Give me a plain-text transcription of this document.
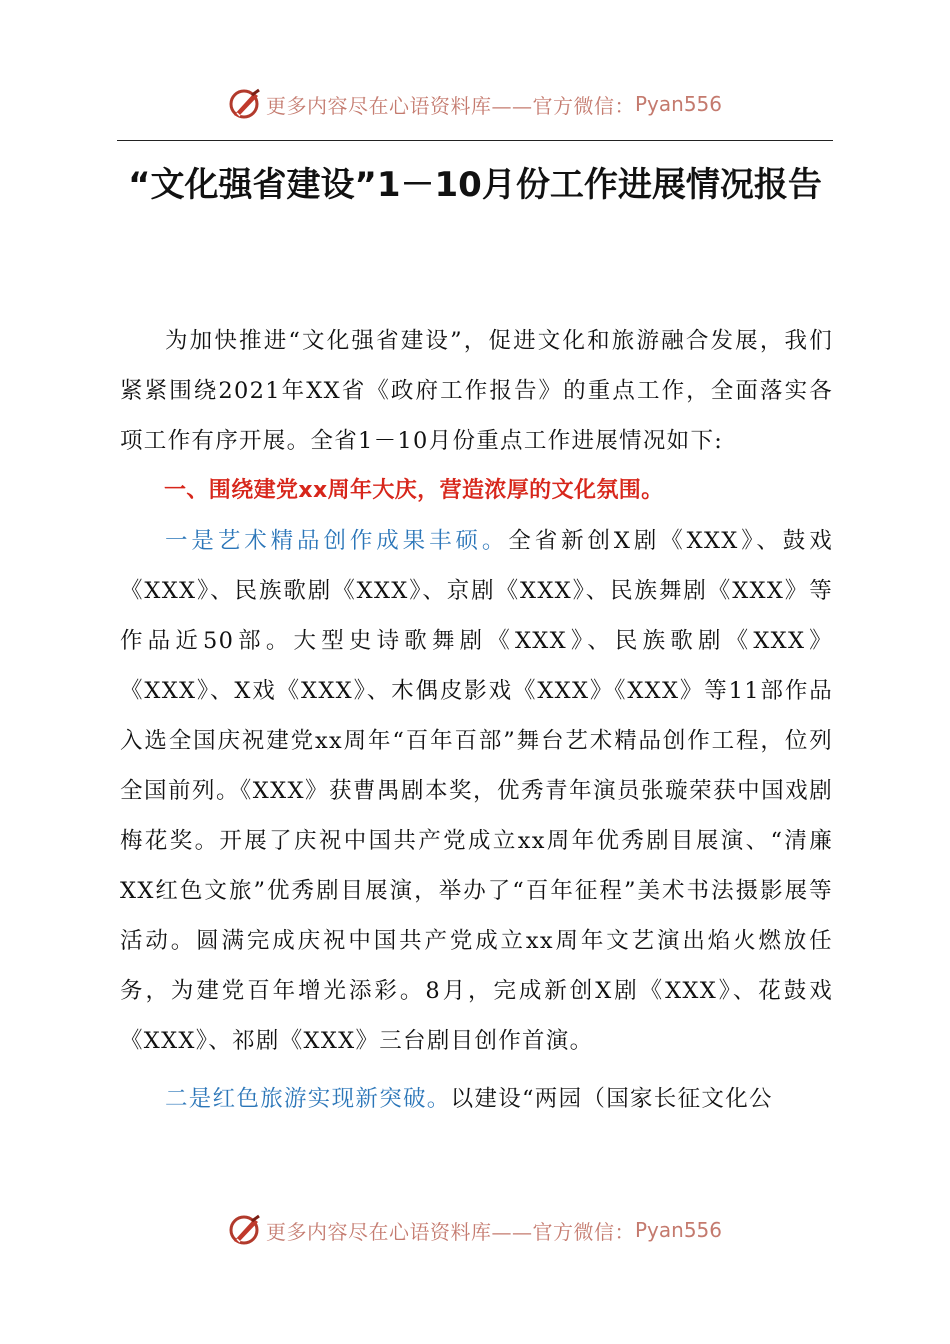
更多内容尽在心语资料库——官方微信： Pyan556
“文化强省建设”1－10月份工作进展情况报告

为加快推进“文化强省建设”，促进文化和旅游融合发展，我们紧紧围绕2021年XX省《政府工作报告》的重点工作，全面落实各项工作有序开展。全省1－10月份重点工作进展情况如下:

一、围绕建党xx周年大庆，营造浓厚的文化氛围。

一是艺术精品创作成果丰硕。全省新创X剧《XXX》、鼓戏《XXX》、民族歌剧《XXX》、京剧《XXX》、民族舞剧《XXX》等作品近50部。大型史诗歌舞剧《XXX》、民族歌剧《XXX》《XXX》、X戏《XXX》、木偶皮影戏《XXX》《XXX》等11部作品入选全国庆祝建党xx周年“百年百部”舞台艺术精品创作工程，位列全国前列。《XXX》获曹禺剧本奖，优秀青年演员张璇荣获中国戏剧梅花奖。开展了庆祝中国共产党成立xx周年优秀剧目展演、“清廉XX红色文旅”优秀剧目展演，举办了“百年征程”美术书法摄影展等活动。圆满完成庆祝中国共产党成立xx周年文艺演出焰火燃放任务，为建党百年增光添彩。8月，完成新创X剧《XXX》、花鼓戏《XXX》、祁剧《XXX》三台剧目创作首演。

二是红色旅游实现新突破。以建设“两园（国家长征文化公

更多内容尽在心语资料库——官方微信： Pyan556
